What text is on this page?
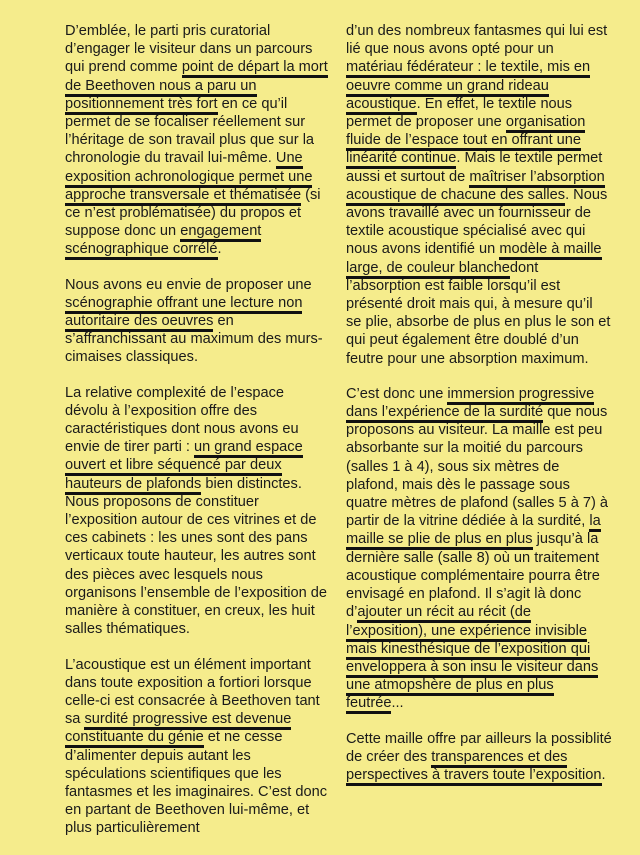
D’emblée, le parti pris curatorial d’engager le visiteur dans un parcours qui prend comme point de départ la mort de Beethoven nous a paru un positionnement très fort en ce qu’il permet de se focaliser réellement sur l’héritage de son travail plus que sur la chronologie du travail lui-même. Une exposition achronologique permet une approche transversale et thématisée (si ce n’est problématisée) du propos et suppose donc un engagement scénographique corrélé.

Nous avons eu envie de proposer une scénographie offrant une lecture non autoritaire des oeuvres en s’affranchissant au maximum des murs-cimaises classiques.

La relative complexité de l’espace dévolu à l’exposition offre des caractéristiques dont nous avons eu envie de tirer parti : un grand espace ouvert et libre séquencé par deux hauteurs de plafonds bien distinctes. Nous proposons de constituer l’exposition autour de ces vitrines et de ces cabinets : les unes sont des pans verticaux toute hauteur, les autres sont des pièces avec lesquels nous organisons l’ensemble de l’exposition de manière à constituer, en creux, les huit salles thématiques.

L’acoustique est un élément important dans toute exposition a fortiori lorsque celle-ci est consacrée à Beethoven tant sa surdité progressive est devenue constituante du génie et ne cesse d’alimenter depuis autant les spéculations scientifiques que les fantasmes et les imaginaires. C’est donc en partant de Beethoven lui-même, et plus particulièrement

d’un des nombreux fantasmes qui lui est lié que nous avons opté pour un matériau fédérateur : le textile, mis en oeuvre comme un grand rideau acoustique. En effet, le textile nous permet de proposer une organisation fluide de l’espace tout en offrant une linéarité continue. Mais le textile permet aussi et surtout de maîtriser l’absorption acoustique de chacune des salles. Nous avons travaillé avec un fournisseur de textile acoustique spécialisé avec qui nous avons identifié un modèle à maille large, de couleur blanchedont l’absorption est faible lorsqu’il est présenté droit mais qui, à mesure qu’il se plie, absorbe de plus en plus le son et qui peut également être doublé d’un feutre pour une absorption maximum.

C’est donc une immersion progressive dans l’expérience de la surdité que nous proposons au visiteur. La maille est peu absorbante sur la moitié du parcours (salles 1 à 4), sous six mètres de plafond, mais dès le passage sous quatre mètres de plafond (salles 5 à 7) à partir de la vitrine dédiée à la surdité, la maille se plie de plus en plus jusqu’à la dernière salle (salle 8) où un traitement acoustique complémentaire pourra être envisagé en plafond. Il s’agit là donc d’ajouter un récit au récit (de l’exposition), une expérience invisible mais kinesthésique de l’exposition qui enveloppera à son insu le visiteur dans une atmopshère de plus en plus feutrée...

Cette maille offre par ailleurs la possiblité de créer des transparences et des perspectives à travers toute l’exposition.
